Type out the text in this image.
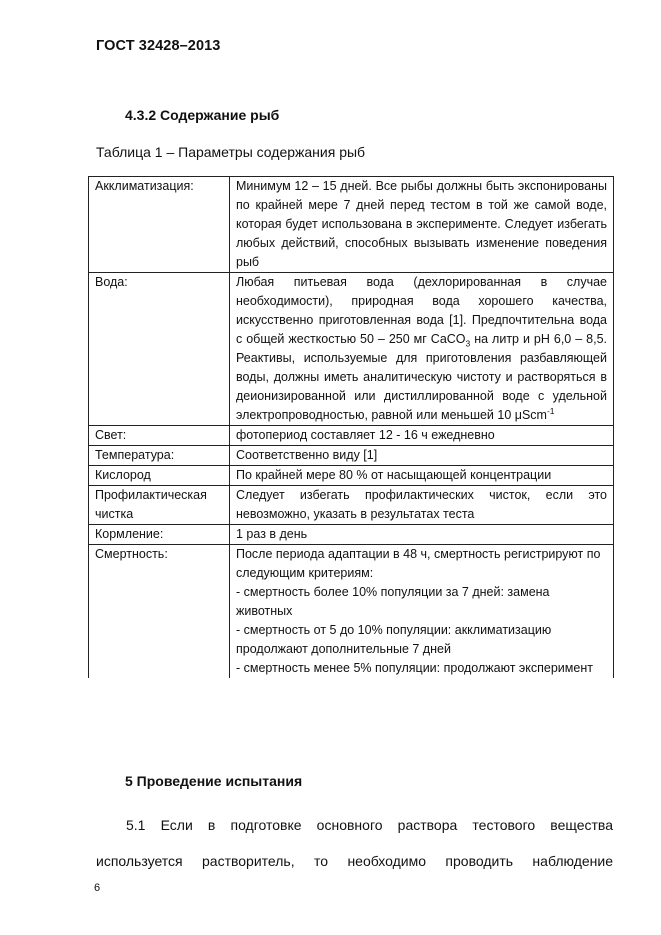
ГОСТ 32428–2013
4.3.2 Содержание рыб
Таблица 1 – Параметры содержания рыб
Акклиматизация:	Минимум 12 – 15 дней. Все рыбы должны быть экспонированы по крайней мере 7 дней перед тестом в той же самой воде, которая будет использована в эксперименте. Следует избегать любых действий, способных вызывать изменение поведения рыб
Вода:	Любая питьевая вода (дехлорированная в случае необходимости), природная вода хорошего качества, искусственно приготовленная вода [1]. Предпочтительна вода с общей жесткостью 50 – 250 мг CaCO$_3$ на литр и pH 6,0 – 8,5. Реактивы, используемые для приготовления разбавляющей воды, должны иметь аналитическую чистоту и растворяться в деионизированной или дистиллированной воде с удельной электропроводностью, равной или меньшей 10 μScm$^{-1}$
Свет:	фотопериод составляет 12 - 16 ч ежедневно
Температура:	Соответственно виду [1]
Кислород	По крайней мере 80 % от насыщающей концентрации
Профилактическая чистка	Следует избегать профилактических чисток, если это невозможно, указать в результатах теста
Кормление:	1 раз в день
Смертность:	После периода адаптации в 48 ч, смертность регистрируют по следующим критериям:
- смертность более 10% популяции за 7 дней: замена животных
- смертность от 5 до 10% популяции: акклиматизацию продолжают дополнительные 7 дней
- смертность менее 5% популяции: продолжают эксперимент
5 Проведение испытания
5.1 Если в подготовке основного раствора тестового вещества используется растворитель, то необходимо проводить наблюдение
6
